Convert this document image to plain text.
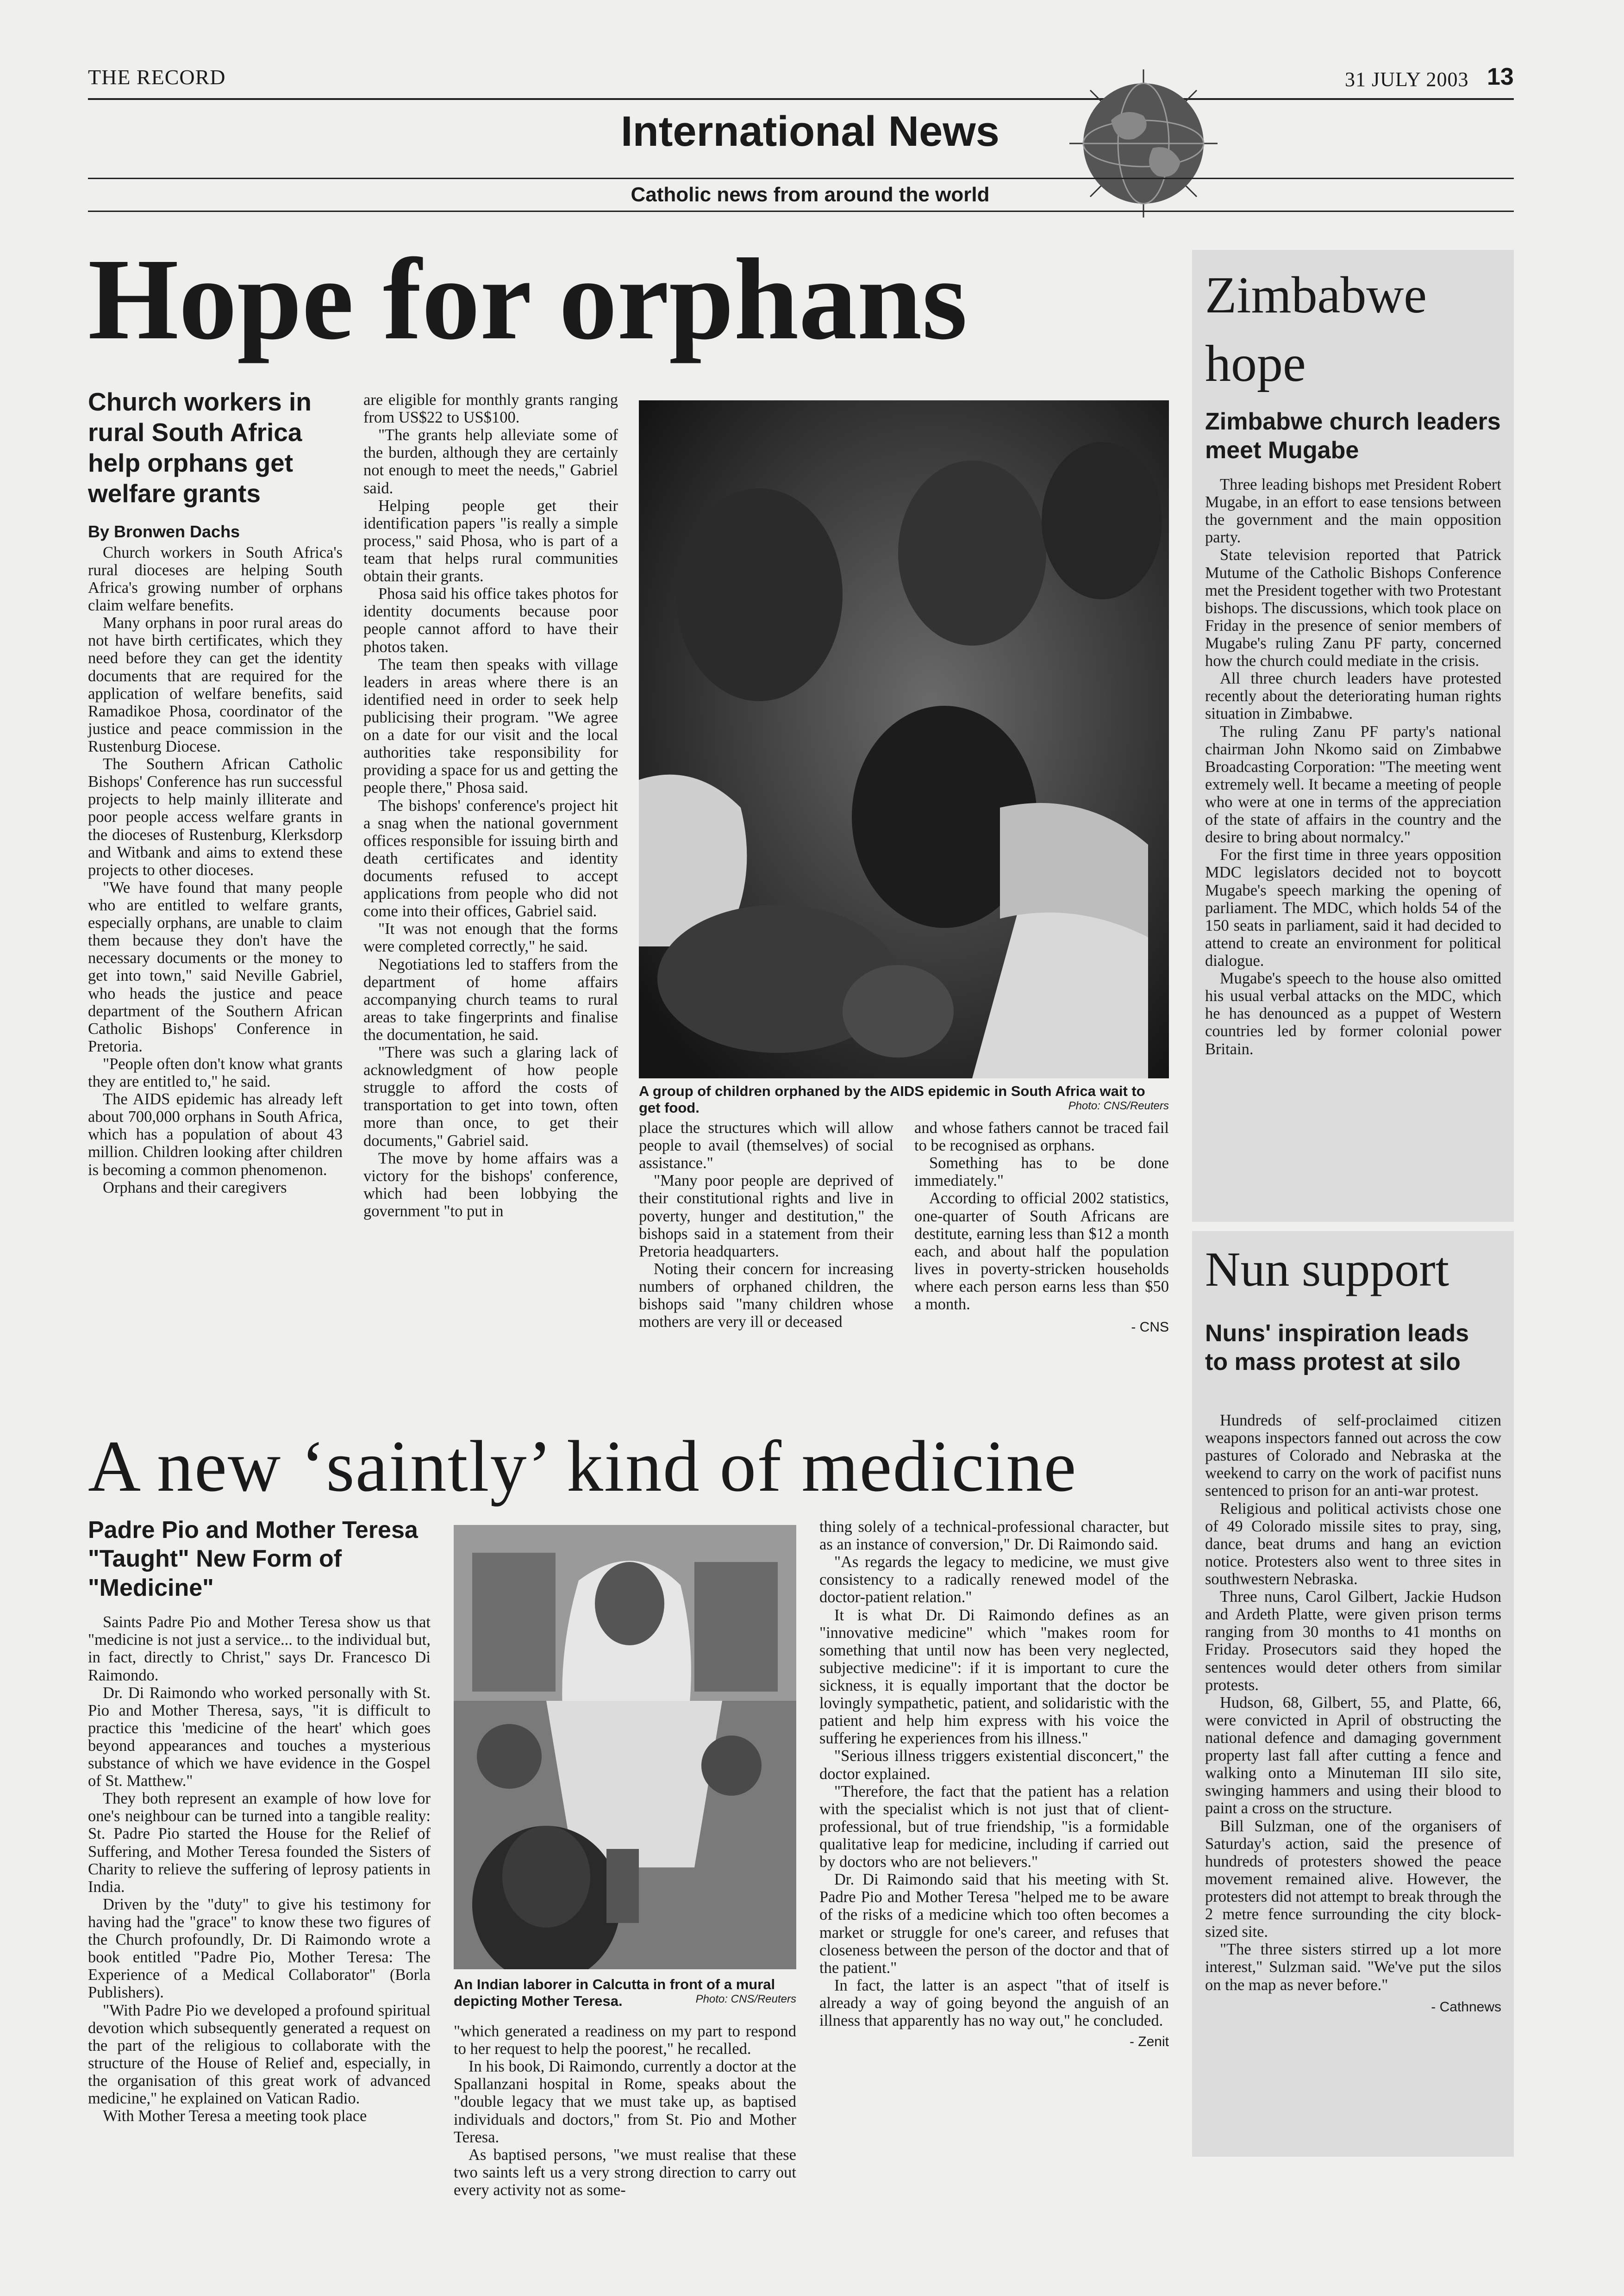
THE RECORD	31 JULY 2003 13
International News
Catholic news from around the world
Hope for orphans
Church workers in rural South Africa help orphans get welfare grants
By Bronwen Dachs

Church workers in South Africa's rural dioceses are helping South Africa's growing number of orphans claim welfare benefits.

Many orphans in poor rural areas do not have birth certificates, which they need before they can get the identity documents that are required for the application of welfare benefits, said Ramadikoe Phosa, coordinator of the justice and peace commission in the Rustenburg Diocese.

The Southern African Catholic Bishops' Conference has run successful projects to help mainly illiterate and poor people access welfare grants in the dioceses of Rustenburg, Klerksdorp and Witbank and aims to extend these projects to other dioceses.

"We have found that many people who are entitled to welfare grants, especially orphans, are unable to claim them because they don't have the necessary documents or the money to get into town," said Neville Gabriel, who heads the justice and peace department of the Southern African Catholic Bishops' Conference in Pretoria.

"People often don't know what grants they are entitled to," he said.

The AIDS epidemic has already left about 700,000 orphans in South Africa, which has a population of about 43 million. Children looking after children is becoming a common phenomenon.

Orphans and their caregivers

are eligible for monthly grants ranging from US$22 to US$100.

"The grants help alleviate some of the burden, although they are certainly not enough to meet the needs," Gabriel said.

Helping people get their identification papers "is really a simple process," said Phosa, who is part of a team that helps rural communities obtain their grants.

Phosa said his office takes photos for identity documents because poor people cannot afford to have their photos taken.

The team then speaks with village leaders in areas where there is an identified need in order to seek help publicising their program. "We agree on a date for our visit and the local authorities take responsibility for providing a space for us and getting the people there," Phosa said.

The bishops' conference's project hit a snag when the national government offices responsible for issuing birth and death certificates and identity documents refused to accept applications from people who did not come into their offices, Gabriel said.

"It was not enough that the forms were completed correctly," he said.

Negotiations led to staffers from the department of home affairs accompanying church teams to rural areas to take fingerprints and finalise the documentation, he said.

"There was such a glaring lack of acknowledgment of how people struggle to afford the costs of transportation to get into town, often more than once, to get their documents," Gabriel said.

The move by home affairs was a victory for the bishops' conference, which had been lobbying the government "to put in

A group of children orphaned by the AIDS epidemic in South Africa wait to get food.	Photo: CNS/Reuters

place the structures which will allow people to avail (themselves) of social assistance."

"Many poor people are deprived of their constitutional rights and live in poverty, hunger and destitution," the bishops said in a statement from their Pretoria headquarters.

Noting their concern for increasing numbers of orphaned children, the bishops said "many children whose mothers are very ill or deceased

and whose fathers cannot be traced fail to be recognised as orphans.

Something has to be done immediately."

According to official 2002 statistics, one-quarter of South Africans are destitute, earning less than $12 a month each, and about half the population lives in poverty-stricken households where each person earns less than $50 a month.

- CNS
A new ‘saintly’ kind of medicine
Padre Pio and Mother Teresa "Taught" New Form of "Medicine"

Saints Padre Pio and Mother Teresa show us that "medicine is not just a service... to the individual but, in fact, directly to Christ," says Dr. Francesco Di Raimondo.

Dr. Di Raimondo who worked personally with St. Pio and Mother Theresa, says, "it is difficult to practice this 'medicine of the heart' which goes beyond appearances and touches a mysterious substance of which we have evidence in the Gospel of St. Matthew."

They both represent an example of how love for one's neighbour can be turned into a tangible reality: St. Padre Pio started the House for the Relief of Suffering, and Mother Teresa founded the Sisters of Charity to relieve the suffering of leprosy patients in India.

Driven by the "duty" to give his testimony for having had the "grace" to know these two figures of the Church profoundly, Dr. Di Raimondo wrote a book entitled "Padre Pio, Mother Teresa: The Experience of a Medical Collaborator" (Borla Publishers).

"With Padre Pio we developed a profound spiritual devotion which subsequently generated a request on the part of the religious to collaborate with the structure of the House of Relief and, especially, in the organisation of this great work of advanced medicine," he explained on Vatican Radio.

With Mother Teresa a meeting took place

An Indian laborer in Calcutta in front of a mural depicting Mother Teresa.	Photo: CNS/Reuters

"which generated a readiness on my part to respond to her request to help the poorest," he recalled.

In his book, Di Raimondo, currently a doctor at the Spallanzani hospital in Rome, speaks about the "double legacy that we must take up, as baptised individuals and doctors," from St. Pio and Mother Teresa.

As baptised persons, "we must realise that these two saints left us a very strong direction to carry out every activity not as some-

thing solely of a technical-professional character, but as an instance of conversion," Dr. Di Raimondo said.

"As regards the legacy to medicine, we must give consistency to a radically renewed model of the doctor-patient relation."

It is what Dr. Di Raimondo defines as an "innovative medicine" which "makes room for something that until now has been very neglected, subjective medicine": if it is important to cure the sickness, it is equally important that the doctor be lovingly sympathetic, patient, and solidaristic with the patient and help him express with his voice the suffering he experiences from his illness."

"Serious illness triggers existential disconcert," the doctor explained.

"Therefore, the fact that the patient has a relation with the specialist which is not just that of client-professional, but of true friendship, "is a formidable qualitative leap for medicine, including if carried out by doctors who are not believers."

Dr. Di Raimondo said that his meeting with St. Padre Pio and Mother Teresa "helped me to be aware of the risks of a medicine which too often becomes a market or struggle for one's career, and refuses that closeness between the person of the doctor and that of the patient."

In fact, the latter is an aspect "that of itself is already a way of going beyond the anguish of an illness that apparently has no way out," he concluded.

- Zenit
Zimbabwe
hope
Zimbabwe church leaders meet Mugabe

Three leading bishops met President Robert Mugabe, in an effort to ease tensions between the government and the main opposition party.

State television reported that Patrick Mutume of the Catholic Bishops Conference met the President together with two Protestant bishops. The discussions, which took place on Friday in the presence of senior members of Mugabe's ruling Zanu PF party, concerned how the church could mediate in the crisis.

All three church leaders have protested recently about the deteriorating human rights situation in Zimbabwe.

The ruling Zanu PF party's national chairman John Nkomo said on Zimbabwe Broadcasting Corporation: "The meeting went extremely well. It became a meeting of people who were at one in terms of the appreciation of the state of affairs in the country and the desire to bring about normalcy."

For the first time in three years opposition MDC legislators decided not to boycott Mugabe's speech marking the opening of parliament. The MDC, which holds 54 of the 150 seats in parliament, said it had decided to attend to create an environment for political dialogue.

Mugabe's speech to the house also omitted his usual verbal attacks on the MDC, which he has denounced as a puppet of Western countries led by former colonial power Britain.

Nun support
Nuns' inspiration leads to mass protest at silo

Hundreds of self-proclaimed citizen weapons inspectors fanned out across the cow pastures of Colorado and Nebraska at the weekend to carry on the work of pacifist nuns sentenced to prison for an anti-war protest.

Religious and political activists chose one of 49 Colorado missile sites to pray, sing, dance, beat drums and hang an eviction notice. Protesters also went to three sites in southwestern Nebraska.

Three nuns, Carol Gilbert, Jackie Hudson and Ardeth Platte, were given prison terms ranging from 30 months to 41 months on Friday. Prosecutors said they hoped the sentences would deter others from similar protests.

Hudson, 68, Gilbert, 55, and Platte, 66, were convicted in April of obstructing the national defence and damaging government property last fall after cutting a fence and walking onto a Minuteman III silo site, swinging hammers and using their blood to paint a cross on the structure.

Bill Sulzman, one of the organisers of Saturday's action, said the presence of hundreds of protesters showed the peace movement remained alive. However, the protesters did not attempt to break through the 2 metre fence surrounding the city block-sized site.

"The three sisters stirred up a lot more interest," Sulzman said. "We've put the silos on the map as never before."

- Cathnews
